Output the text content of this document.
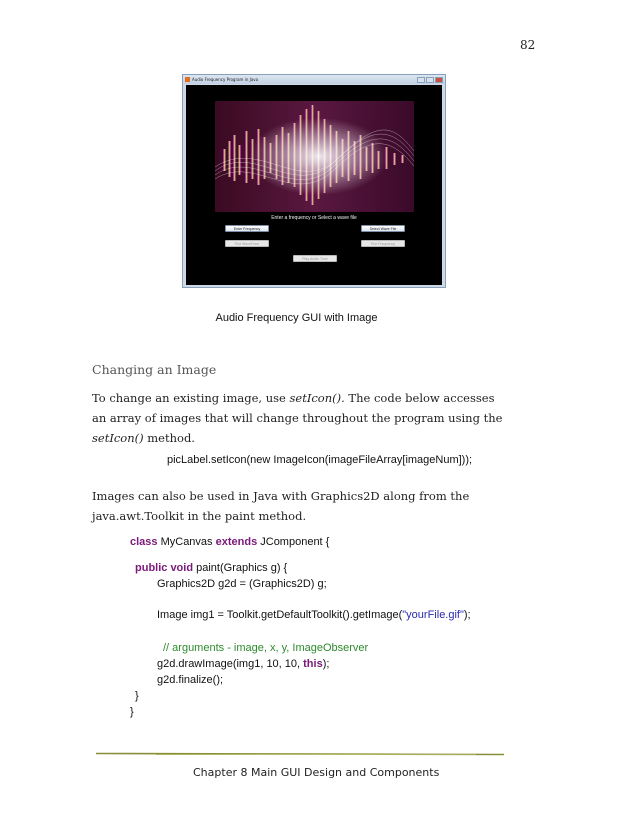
82
Audio Frequency Program in Java
Enter a frequency or Select a wave file
Enter Frequency	Select Wave File
Plot WaveForm	Plot Frequency
Play Audio Tone
Audio Frequency GUI with Image
Changing an Image
To change an existing image, use setIcon(). The code below accesses an array of images that will change throughout the program using the setIcon() method.
picLabel.setIcon(new ImageIcon(imageFileArray[imageNum]));
Images can also be used in Java with Graphics2D along from the java.awt.Toolkit in the paint method.
class MyCanvas extends JComponent {
public void paint(Graphics g) {
Graphics2D g2d = (Graphics2D) g;
Image img1 = Toolkit.getDefaultToolkit().getImage("yourFile.gif");
// arguments - image, x, y, ImageObserver
g2d.drawImage(img1, 10, 10, this);
g2d.finalize();
}
}
Chapter 8 Main GUI Design and Components
